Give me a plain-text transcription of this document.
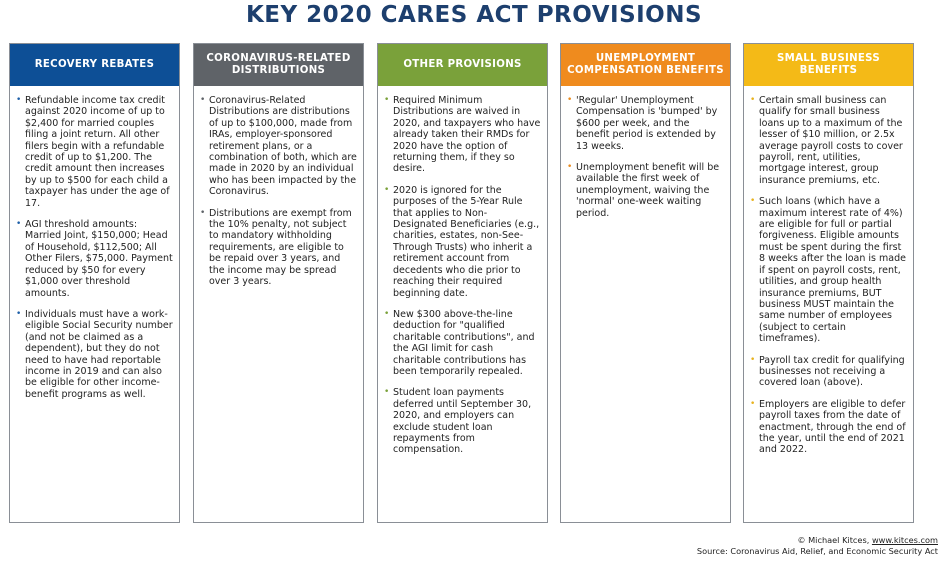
KEY 2020 CARES ACT PROVISIONS
RECOVERY REBATES
• Refundable income tax credit against 2020 income of up to $2,400 for married couples filing a joint return. All other filers begin with a refundable credit of up to $1,200. The credit amount then increases by up to $500 for each child a taxpayer has under the age of 17.
• AGI threshold amounts: Married Joint, $150,000; Head of Household, $112,500; All Other Filers, $75,000. Payment reduced by $50 for every $1,000 over threshold amounts.
• Individuals must have a work-eligible Social Security number (and not be claimed as a dependent), but they do not need to have had reportable income in 2019 and can also be eligible for other income-benefit programs as well.
CORONAVIRUS-RELATED DISTRIBUTIONS
• Coronavirus-Related Distributions are distributions of up to $100,000, made from IRAs, employer-sponsored retirement plans, or a combination of both, which are made in 2020 by an individual who has been impacted by the Coronavirus.
• Distributions are exempt from the 10% penalty, not subject to mandatory withholding requirements, are eligible to be repaid over 3 years, and the income may be spread over 3 years.
OTHER PROVISIONS
• Required Minimum Distributions are waived in 2020, and taxpayers who have already taken their RMDs for 2020 have the option of returning them, if they so desire.
• 2020 is ignored for the purposes of the 5-Year Rule that applies to Non-Designated Beneficiaries (e.g., charities, estates, non-See-Through Trusts) who inherit a retirement account from decedents who die prior to reaching their required beginning date.
• New $300 above-the-line deduction for "qualified charitable contributions", and the AGI limit for cash charitable contributions has been temporarily repealed.
• Student loan payments deferred until September 30, 2020, and employers can exclude student loan repayments from compensation.
UNEMPLOYMENT COMPENSATION BENEFITS
• 'Regular' Unemployment Compensation is 'bumped' by $600 per week, and the benefit period is extended by 13 weeks.
• Unemployment benefit will be available the first week of unemployment, waiving the 'normal' one-week waiting period.
SMALL BUSINESS BENEFITS
• Certain small business can qualify for small business loans up to a maximum of the lesser of $10 million, or 2.5x average payroll costs to cover payroll, rent, utilities, mortgage interest, group insurance premiums, etc.
• Such loans (which have a maximum interest rate of 4%) are eligible for full or partial forgiveness. Eligible amounts must be spent during the first 8 weeks after the loan is made if spent on payroll costs, rent, utilities, and group health insurance premiums, BUT business MUST maintain the same number of employees (subject to certain timeframes).
• Payroll tax credit for qualifying businesses not receiving a covered loan (above).
• Employers are eligible to defer payroll taxes from the date of enactment, through the end of the year, until the end of 2021 and 2022.
© Michael Kitces, www.kitces.com
Source: Coronavirus Aid, Relief, and Economic Security Act
